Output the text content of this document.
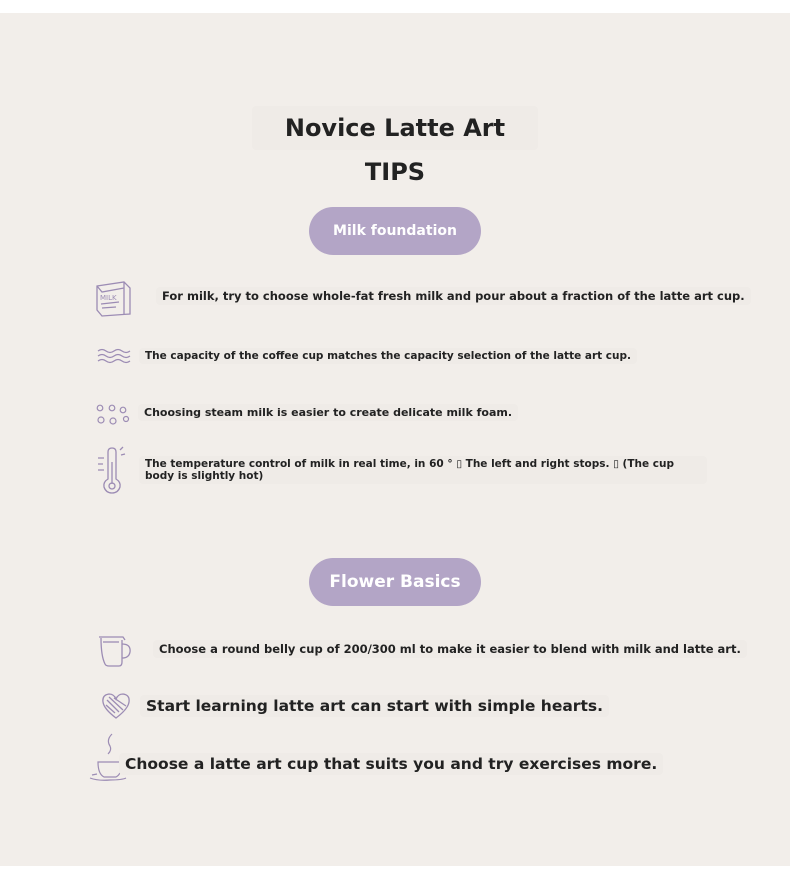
Novice Latte Art TIPS
Milk foundation
MILK	For milk, try to choose whole-fat fresh milk and pour about a fraction of the latte art cup.
The capacity of the coffee cup matches the capacity selection of the latte art cup.
Choosing steam milk is easier to create delicate milk foam.
The temperature control of milk in real time, in 60 ° ▯ The left and right stops. ▯ (The cup body is slightly hot)
Flower Basics
Choose a round belly cup of 200/300 ml to make it easier to blend with milk and latte art.
Start learning latte art can start with simple hearts.
Choose a latte art cup that suits you and try exercises more.
